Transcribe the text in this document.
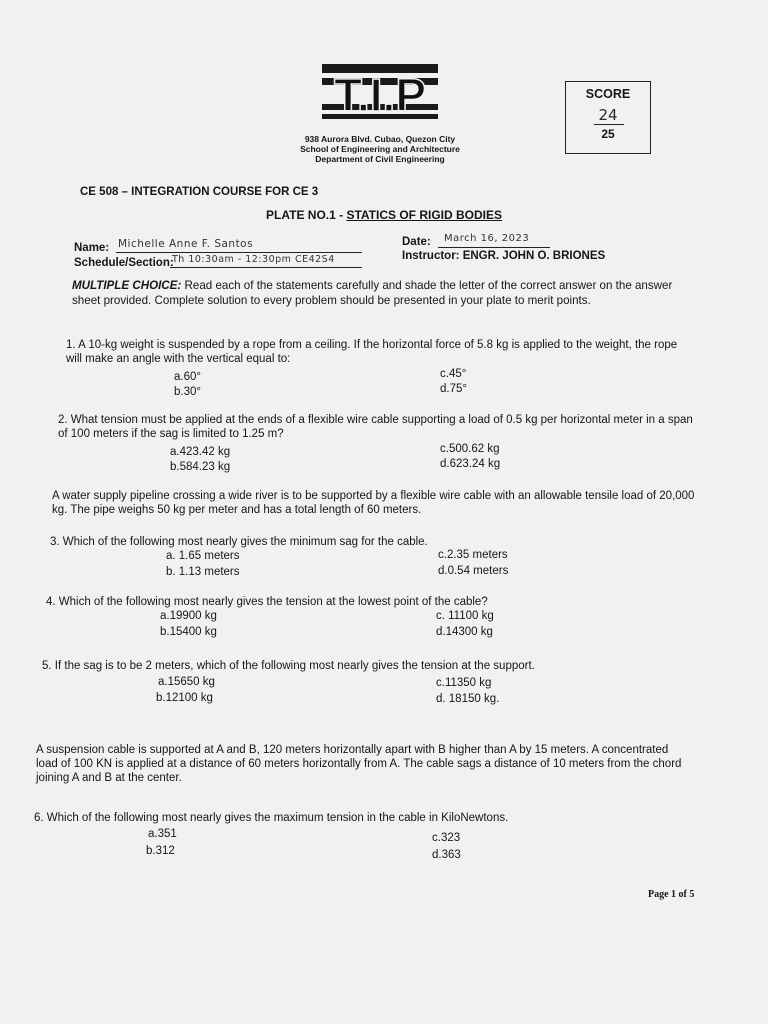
T.I.P
938 Aurora Blvd. Cubao, Quezon City
School of Engineering and Architecture
Department of Civil Engineering
SCORE
24
25
CE 508 – INTEGRATION COURSE FOR CE 3
PLATE NO.1 - STATICS OF RIGID BODIES
Name: Michelle Anne F. Santos
Schedule/Section:
Th 10:30am - 12:30pm CE42S4
Date: March 16, 2023
Instructor: ENGR. JOHN O. BRIONES
MULTIPLE CHOICE: Read each of the statements carefully and shade the letter of the correct answer on the answer sheet provided. Complete solution to every problem should be presented in your plate to merit points.
1. A 10-kg weight is suspended by a rope from a ceiling. If the horizontal force of 5.8 kg is applied to the weight, the rope will make an angle with the vertical equal to:
a.60°
b.30°
c.45°
d.75°
2. What tension must be applied at the ends of a flexible wire cable supporting a load of 0.5 kg per horizontal meter in a span of 100 meters if the sag is limited to 1.25 m?
a.423.42 kg
b.584.23 kg
c.500.62 kg
d.623.24 kg
A water supply pipeline crossing a wide river is to be supported by a flexible wire cable with an allowable tensile load of 20,000 kg. The pipe weighs 50 kg per meter and has a total length of 60 meters.
3. Which of the following most nearly gives the minimum sag for the cable.
a. 1.65 meters
b. 1.13 meters
c.2.35 meters
d.0.54 meters
4. Which of the following most nearly gives the tension at the lowest point of the cable?
a.19900 kg
b.15400 kg
c. 11100 kg
d.14300 kg
5. If the sag is to be 2 meters, which of the following most nearly gives the tension at the support.
a.15650 kg
b.12100 kg
c.11350 kg
d. 18150 kg.
A suspension cable is supported at A and B, 120 meters horizontally apart with B higher than A by 15 meters. A concentrated load of 100 KN is applied at a distance of 60 meters horizontally from A. The cable sags a distance of 10 meters from the chord joining A and B at the center.
6. Which of the following most nearly gives the maximum tension in the cable in KiloNewtons.
a.351
b.312
c.323
d.363
Page 1 of 5
